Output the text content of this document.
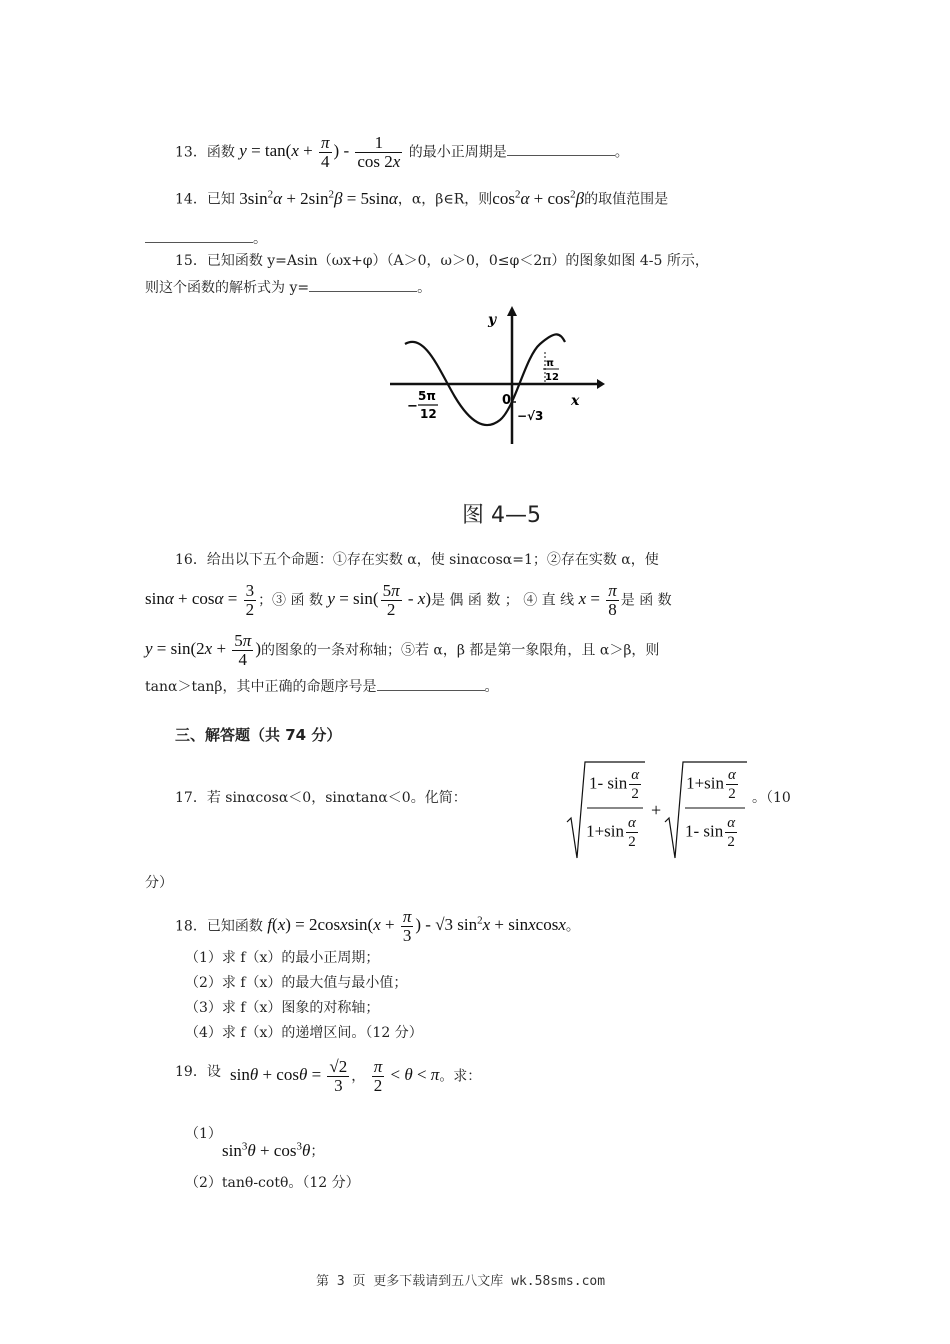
13．函数 $y = \tan(x + \frac{\pi}{4}$ ) - $\frac{1}{\cos 2x}$ 的最小正周期是	。
14．已知 $3\sin^2\alpha + 2\sin^2\beta = 5\sin\alpha$，α，β∈R，则$\cos^2\alpha + \cos^2\beta$的取值范围是
。
15．已知函数 y=Asin（ωx+φ）（A＞0，ω＞0，0≤φ＜2π）的图象如图 4-5 所示，
则这个函数的解析式为 y=	。
y
x
0
−
5π
12	−√3
π
12
图 4—5
16．给出以下五个命题：①存在实数 α，使 sinαcosα=1；②存在实数 α，使
$\sin\alpha + \cos\alpha = \frac{3}{2}$ ；③ 函 数 $y = \sin( \frac{5\pi}{2} - x)$是 偶 函 数 ； ④ 直 线 $x = \frac{\pi}{8}$ 是 函 数
$y = \sin(2x + \frac{5\pi}{4}$ )的图象的一条对称轴；⑤若 α，β 都是第一象限角，且 α＞β，则
tanα＞tanβ，其中正确的命题序号是	。
三、解答题（共 74 分）
17．若 sinαcosα＜0，sinαtanα＜0。化简：
+
1- $\sin \frac{\alpha}{2}$
$1+\sin \frac{\alpha}{2}$
$1+\sin \frac{\alpha}{2}$
1- $\sin \frac{\alpha}{2}$
。（10
分）
18．已知函数 f(x) = 2cosxsin(x + $\frac{\pi}{3}$ ) - √3 $\sin^2x$ + sinxcosx。
（1）求 f（x）的最小正周期；
（2）求 f（x）的最大值与最小值；
（3）求 f（x）图象的对称轴；
（4）求 f（x）的递增区间。（12 分）
19．设 $\sin\theta + \cos\theta = \frac{√2}{3}$ ， $\frac{\pi}{2} < \theta < \pi$。求：
（1）
$\sin^3\theta + \cos^3\theta$；
（2）tanθ-cotθ。（12 分）
第 3 页 更多下载请到五八文库 wk.58sms.com
